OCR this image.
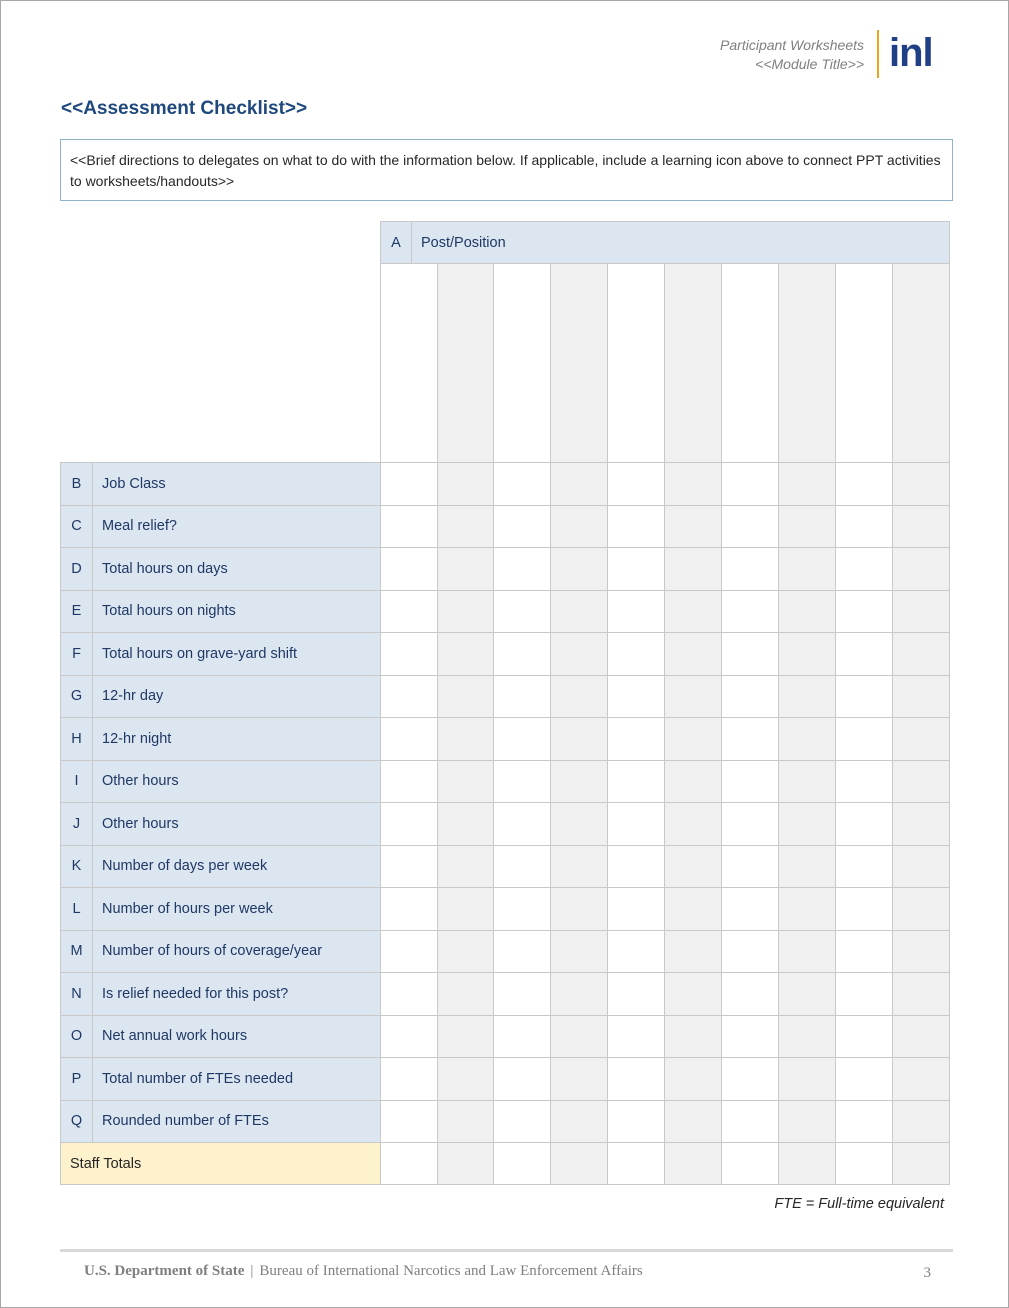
Participant Worksheets
<<Module Title>> inl
<<Assessment Checklist>>
<<Brief directions to delegates on what to do with the information below. If applicable, include a learning icon above to connect PPT activities to worksheets/handouts>>
		A	Post/Position									

B	Job Class											
C	Meal relief?											
D	Total hours on days											
E	Total hours on nights											
F	Total hours on grave-yard shift											
G	12-hr day											
H	12-hr night											
I	Other hours											
J	Other hours											
K	Number of days per week											
L	Number of hours per week											
M	Number of hours of coverage/year											
N	Is relief needed for this post?											
O	Net annual work hours											
P	Total number of FTEs needed											
Q	Rounded number of FTEs											
Staff Totals												
FTE = Full-time equivalent
U.S. Department of State | Bureau of International Narcotics and Law Enforcement Affairs	3
